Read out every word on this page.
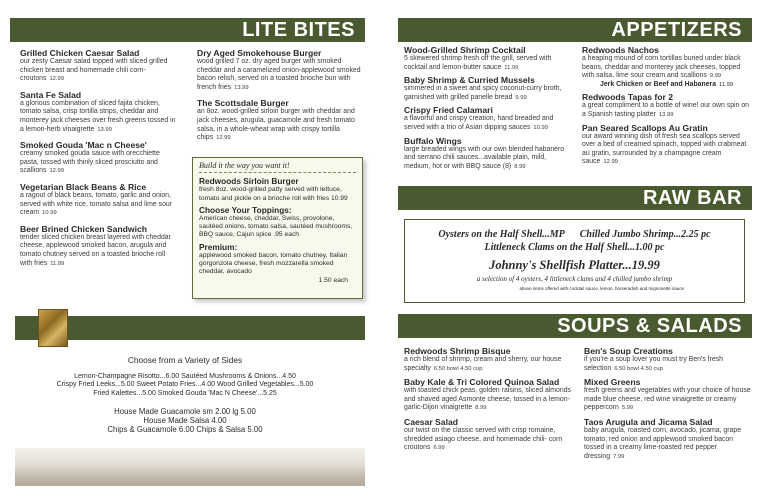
LITE BITES
Grilled Chicken Caesar Salad
our zesty Caesar salad topped with sliced grilled chicken breast and homemade chili corn-croutons 12.99
Santa Fe Salad
a glorious combination of sliced fajita chicken, tomato salsa, crisp tortilla strips, cheddar and monterey jack cheeses over fresh greens tossed in a lemon-herb vinaigrette 13.99
Smoked Gouda 'Mac n Cheese'
creamy smoked gouda sauce with orecchiette pasta, tossed with thinly sliced prosciutto and scallions 12.99
Vegetarian Black Beans & Rice
a ragout of black beans, tomato, garlic and onion, served with white rice, tomato salsa and lime sour cream 10.99
Beer Brined Chicken Sandwich
tender sliced chicken breast layered with cheddar cheese, applewood smoked bacon, arugula and tomato chutney served on a toasted brioche roll with fries 11.99
Dry Aged Smokehouse Burger
wood grilled 7 oz. dry aged burger with smoked cheddar and a caramelized onion-applewood smoked bacon relish, served on a toasted brioche bun with french fries 13.99
The Scottsdale Burger
an 8oz. wood-grilled sirloin burger with cheddar and jack cheeses, arugula, guacamole and fresh tomato salsa, in a whole-wheat wrap with crispy tortilla chips 12.99
Build it the way you want it!
Redwoods Sirloin Burger
fresh 8oz. wood-grilled patty served with lettuce, tomato and pickle on a brioche roll with fries 10.99
Choose Your Toppings:
American cheese, cheddar, Swiss, provolone, sautéed onions, tomato salsa, sautéed mushrooms, BBQ sauce, Cajun spice .95 each
Premium:
applewood smoked bacon, tomato chutney, Italian gorgonzola cheese, fresh mozzarella smoked cheddar, avocado
1.50 each
Choose from a Variety of Sides
Lemon-Champagne Risotto...6.00 Sautéed Mushrooms & Onions...4.50
Crispy Fried Leeks...5.00 Sweet Potato Fries...4.00 Wood Grilled Vegetables...5.00
Fried Kalettes...5.00 Smoked Gouda 'Mac N Cheese'...5.25
House Made Guacamole sm 2.00 lg 5.00
House Made Salsa 4.00
Chips & Guacamole 6.00 Chips & Salsa 5.00
APPETIZERS
Wood-Grilled Shrimp Cocktail
5 skewered shrimp fresh off the grill, served with cocktail and lemon-butter sauce 11.99
Baby Shrimp & Curried Mussels
simmered in a sweet and spicy coconut-curry broth, garnished with grilled panelle bread 9.99
Crispy Fried Calamari
a flavorful and crispy creation, hand breaded and served with a trio of Asian dipping sauces 10.99
Buffalo Wings
large breaded wings with our own blended habanero and serrano chili sauces...available plain, mild, medium, hot or with BBQ sauce (8) 8.99
Redwoods Nachos
a heaping mound of corn tortillas buried under black beans, cheddar and monterey jack cheeses, topped with salsa, lime sour cream and scallions 9.99
Jerk Chicken or Beef and Habanera 11.99
Redwoods Tapas for 2
a great compliment to a bottle of wine! our own spin on a Spanish tasting platter 13.99
Pan Seared Scallops Au Gratin
our award winning dish of fresh sea scallops served over a bed of creamed spinach, topped with crabmeat au gratin, surrounded by a champagne cream sauce 12.99
RAW BAR
Oysters on the Half Shell...MP Chilled Jumbo Shrimp...2.25 pc
Littleneck Clams on the Half Shell...1.00 pc
Johnny's Shellfish Platter...19.99
a selection of 4 oysters, 4 littleneck clams and 4 chilled jumbo shrimp
above items offered with cocktail sauce, lemon, horseradish and mignonette sauce
SOUPS & SALADS
Redwoods Shrimp Bisque
a rich blend of shrimp, cream and sherry, our house specialty 6.50 bowl 4.50 cup
Baby Kale & Tri Colored Quinoa Salad
with toasted chick peas, golden raisins, sliced almonds and shaved aged Asmonte cheese, tossed in a lemon-garlic-Dijon vinaigrette 8.99
Caesar Salad
our twist on the classic served with crisp romaine, shredded asiago cheese, and homemade chili- corn croutons 6.99
Ben's Soup Creations
if you're a soup lover you must try Ben's fresh selection 6.50 bowl 4.50 cup
Mixed Greens
fresh greens and vegetables with your choice of house made blue cheese, red wine vinaigrette or creamy peppercorn 5.99
Taos Arugula and Jicama Salad
baby arugula, roasted corn, avocado, jicama, grape tomato, red onion and applewood smoked bacon tossed in a creamy lime-roasted red pepper dressing 7.99
